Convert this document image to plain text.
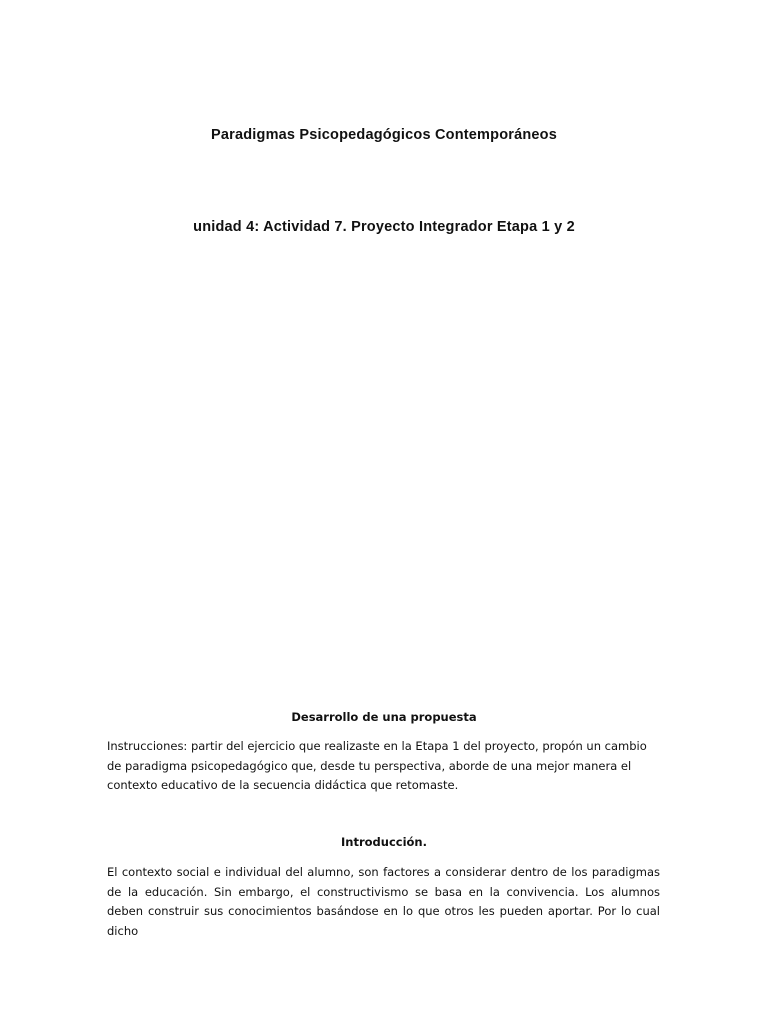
Paradigmas Psicopedagógicos Contemporáneos
unidad 4: Actividad 7. Proyecto Integrador Etapa 1 y 2
Desarrollo de una propuesta

Instrucciones: partir del ejercicio que realizaste en la Etapa 1 del proyecto, propón un cambio de paradigma psicopedagógico que, desde tu perspectiva, aborde de una mejor manera el contexto educativo de la secuencia didáctica que retomaste.

Introducción.

El contexto social e individual del alumno, son factores a considerar dentro de los paradigmas de la educación. Sin embargo, el constructivismo se basa en la convivencia. Los alumnos deben construir sus conocimientos basándose en lo que otros les pueden aportar. Por lo cual dicho
